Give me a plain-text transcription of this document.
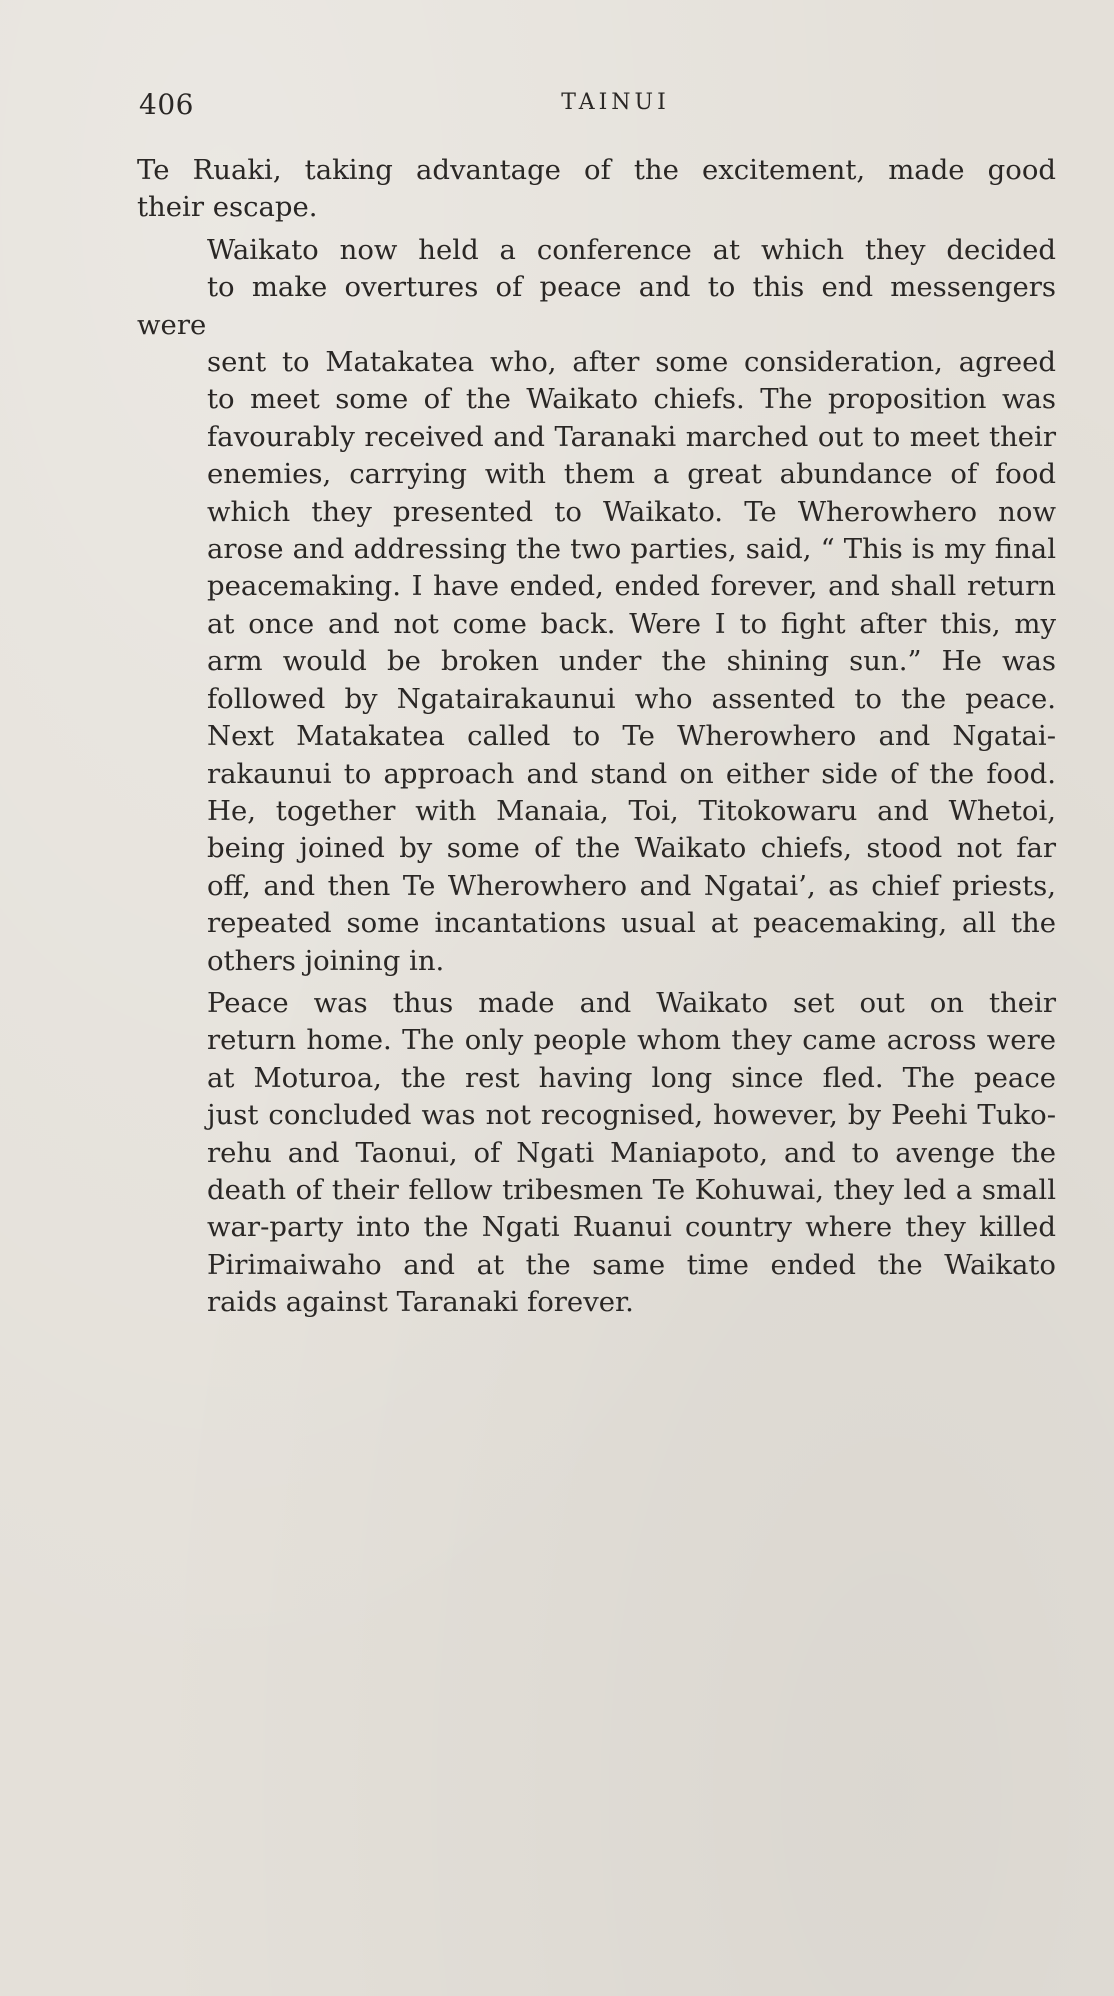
406	TAINUI

Te Ruaki, taking advantage of the excitement, made good
their escape.

Waikato now held a conference at which they decided
to make overtures of peace and to this end messengers were
sent to Matakatea who, after some consideration, agreed
to meet some of the Waikato chiefs. The proposition was
favourably received and Taranaki marched out to meet their
enemies, carrying with them a great abundance of food
which they presented to Waikato. Te Wherowhero now
arose and addressing the two parties, said, “ This is my final
peacemaking. I have ended, ended forever, and shall return
at once and not come back. Were I to fight after this, my
arm would be broken under the shining sun.” He was
followed by Ngatairakaunui who assented to the peace.
Next Matakatea called to Te Wherowhero and Ngatai-
rakaunui to approach and stand on either side of the food.
He, together with Manaia, Toi, Titokowaru and Whetoi,
being joined by some of the Waikato chiefs, stood not far
off, and then Te Wherowhero and Ngatai’, as chief priests,
repeated some incantations usual at peacemaking, all the
others joining in.

Peace was thus made and Waikato set out on their
return home. The only people whom they came across were
at Moturoa, the rest having long since fled. The peace
just concluded was not recognised, however, by Peehi Tuko-
rehu and Taonui, of Ngati Maniapoto, and to avenge the
death of their fellow tribesmen Te Kohuwai, they led a small
war-party into the Ngati Ruanui country where they killed
Pirimaiwaho and at the same time ended the Waikato
raids against Taranaki forever.
